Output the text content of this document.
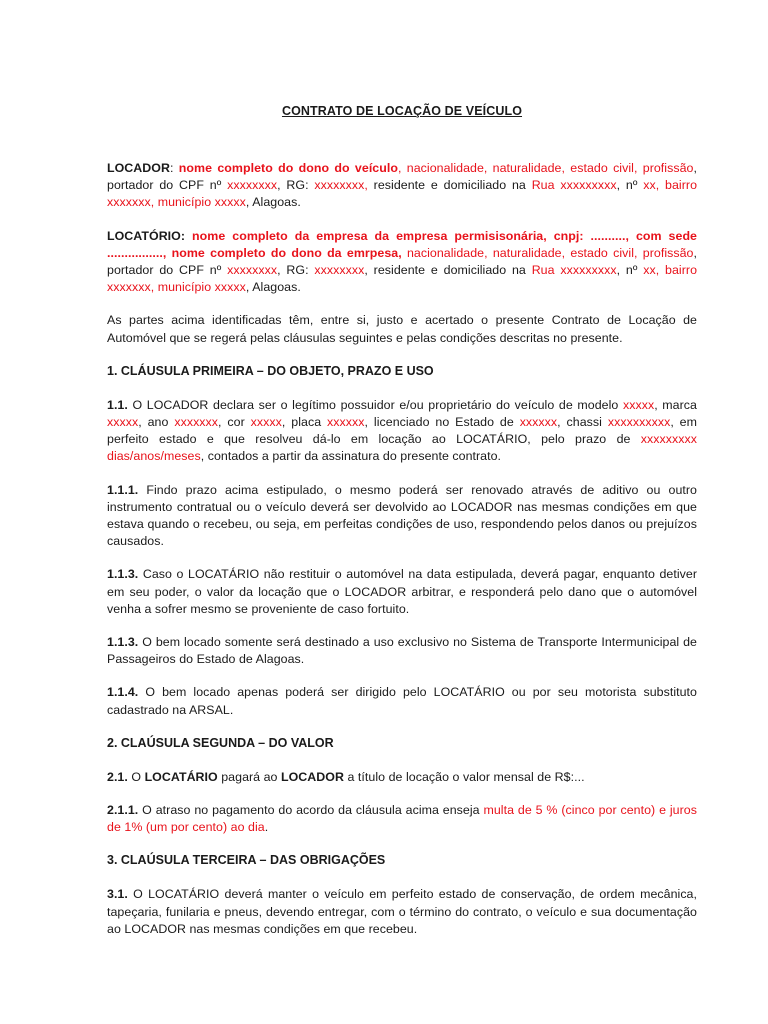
CONTRATO DE LOCAÇÃO DE VEÍCULO

LOCADOR: nome completo do dono do veículo, nacionalidade, naturalidade, estado civil, profissão, portador do CPF nº xxxxxxxx, RG: xxxxxxxx, residente e domiciliado na Rua xxxxxxxxx, nº xx, bairro xxxxxxx, município xxxxx, Alagoas.

LOCATÓRIO: nome completo da empresa da empresa permisisonária, cnpj: .........., com sede ................, nome completo do dono da emrpesa, nacionalidade, naturalidade, estado civil, profissão, portador do CPF nº xxxxxxxx, RG: xxxxxxxx, residente e domiciliado na Rua xxxxxxxxx, nº xx, bairro xxxxxxx, município xxxxx, Alagoas.

As partes acima identificadas têm, entre si, justo e acertado o presente Contrato de Locação de Automóvel que se regerá pelas cláusulas seguintes e pelas condições descritas no presente.

1. CLÁUSULA PRIMEIRA – DO OBJETO, PRAZO E USO

1.1. O LOCADOR declara ser o legítimo possuidor e/ou proprietário do veículo de modelo xxxxx, marca xxxxx, ano xxxxxxx, cor xxxxx, placa xxxxxx, licenciado no Estado de xxxxxx, chassi xxxxxxxxxx, em perfeito estado e que resolveu dá-lo em locação ao LOCATÁRIO, pelo prazo de xxxxxxxxx dias/anos/meses, contados a partir da assinatura do presente contrato.

1.1.1. Findo prazo acima estipulado, o mesmo poderá ser renovado através de aditivo ou outro instrumento contratual ou o veículo deverá ser devolvido ao LOCADOR nas mesmas condições em que estava quando o recebeu, ou seja, em perfeitas condições de uso, respondendo pelos danos ou prejuízos causados.

1.1.3. Caso o LOCATÁRIO não restituir o automóvel na data estipulada, deverá pagar, enquanto detiver em seu poder, o valor da locação que o LOCADOR arbitrar, e responderá pelo dano que o automóvel venha a sofrer mesmo se proveniente de caso fortuito.

1.1.3. O bem locado somente será destinado a uso exclusivo no Sistema de Transporte Intermunicipal de Passageiros do Estado de Alagoas.

1.1.4. O bem locado apenas poderá ser dirigido pelo LOCATÁRIO ou por seu motorista substituto cadastrado na ARSAL.

2. CLAÚSULA SEGUNDA – DO VALOR

2.1. O LOCATÁRIO pagará ao LOCADOR a título de locação o valor mensal de R$:...

2.1.1. O atraso no pagamento do acordo da cláusula acima enseja multa de 5 % (cinco por cento) e juros de 1% (um por cento) ao dia.

3. CLAÚSULA TERCEIRA – DAS OBRIGAÇÕES

3.1. O LOCATÁRIO deverá manter o veículo em perfeito estado de conservação, de ordem mecânica, tapeçaria, funilaria e pneus, devendo entregar, com o término do contrato, o veículo e sua documentação ao LOCADOR nas mesmas condições em que recebeu.
